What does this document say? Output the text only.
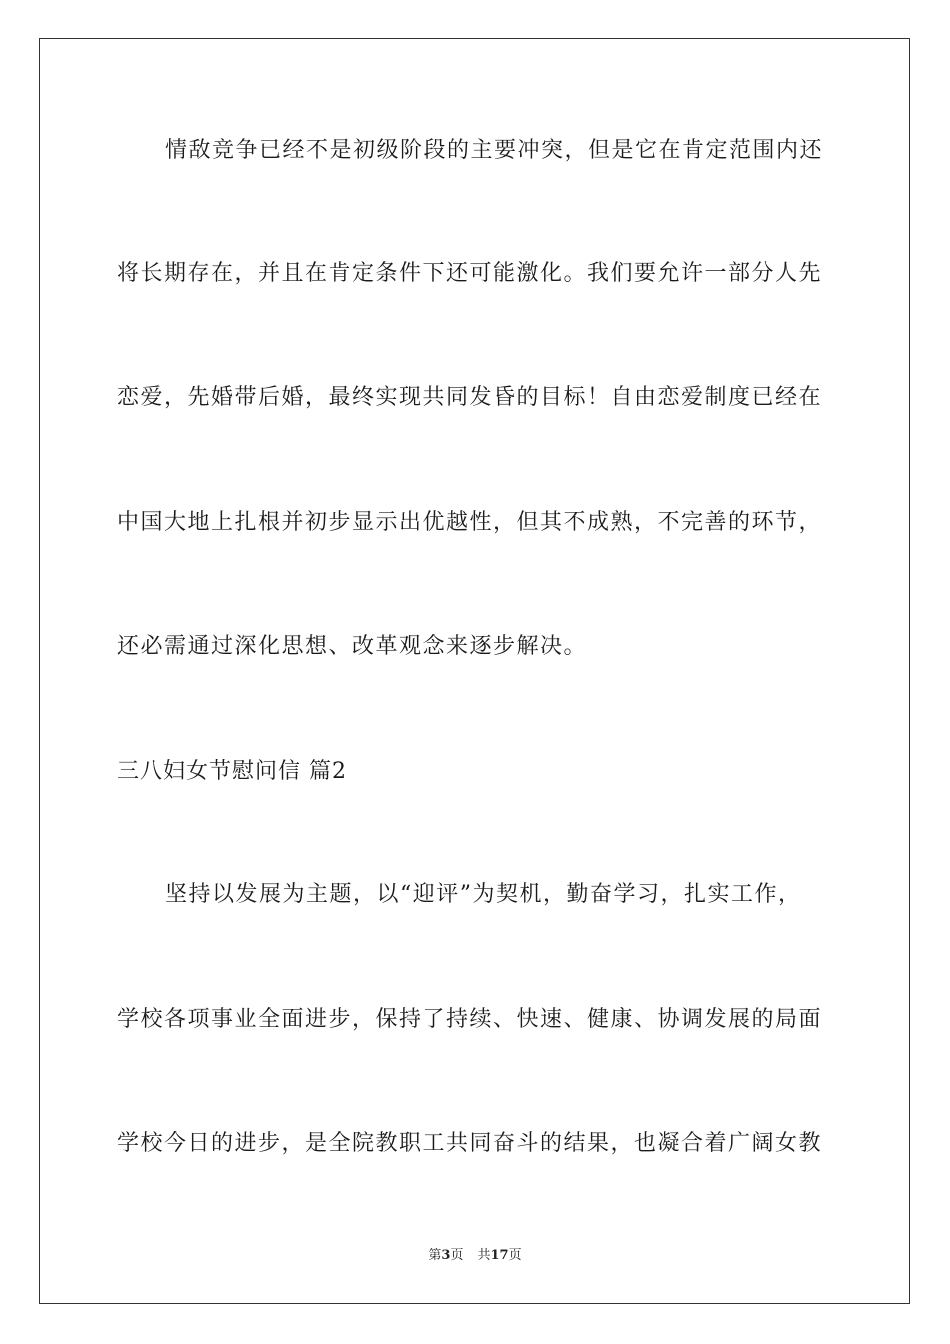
情敌竞争已经不是初级阶段的主要冲突，但是它在肯定范围内还
将长期存在，并且在肯定条件下还可能激化。我们要允许一部分人先
恋爱，先婚带后婚，最终实现共同发昏的目标！自由恋爱制度已经在
中国大地上扎根并初步显示出优越性，但其不成熟，不完善的环节，
还必需通过深化思想、改革观念来逐步解决。
三八妇女节慰问信 篇2
坚持以发展为主题，以“迎评”为契机，勤奋学习，扎实工作，
学校各项事业全面进步，保持了持续、快速、健康、协调发展的局面
学校今日的进步，是全院教职工共同奋斗的结果，也凝合着广阔女教
第3页 共17页
